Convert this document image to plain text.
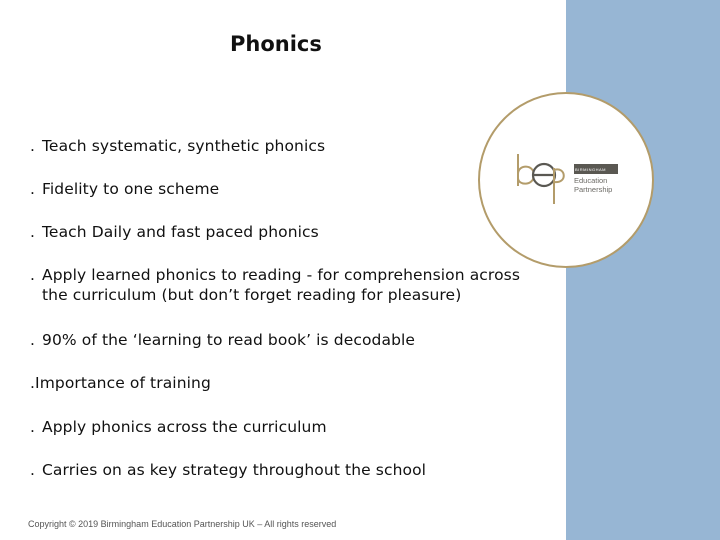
Phonics
. Teach systematic, synthetic phonics
. Fidelity to one scheme
. Teach Daily and fast paced phonics
. Apply learned phonics to reading - for comprehension across
the curriculum (but don’t forget reading for pleasure)
. 90% of the ‘learning to read book’ is decodable
.Importance of training
. Apply phonics across the curriculum
. Carries on as key strategy throughout the school
BIRMINGHAM
Education
Partnership
Copyright © 2019 Birmingham Education Partnership UK – All rights reserved
